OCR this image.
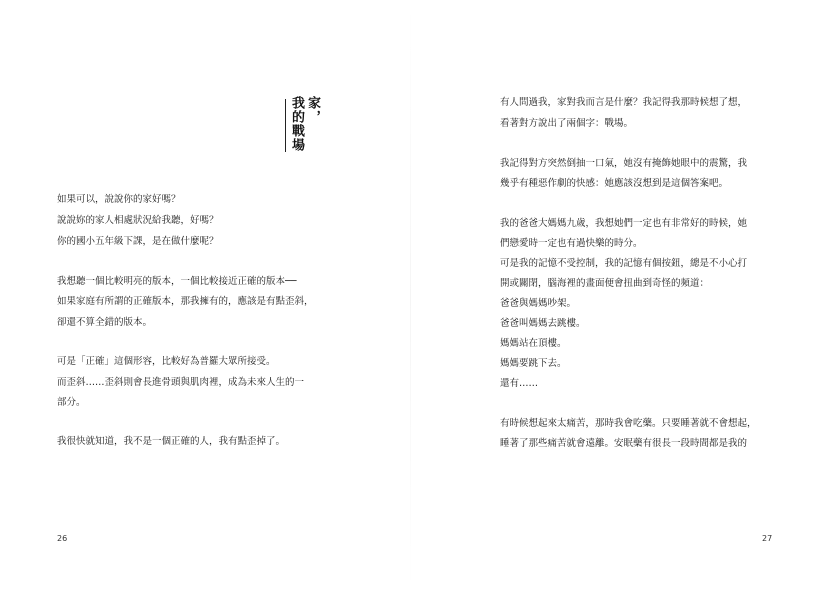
家，
我的戰場
如果可以，說說你的家好嗎？
說說妳的家人相處狀況給我聽，好嗎？
你的國小五年級下課，是在做什麼呢？
我想聽一個比較明亮的版本，一個比較接近正確的版本──
如果家庭有所謂的正確版本，那我擁有的，應該是有點歪斜，
卻還不算全錯的版本。
可是「正確」這個形容，比較好為普羅大眾所接受。
而歪斜……歪斜則會長進骨頭與肌肉裡，成為未來人生的一
部分。
我很快就知道，我不是一個正確的人，我有點歪掉了。
26
有人問過我，家對我而言是什麼？我記得我那時候想了想，
看著對方說出了兩個字：戰場。
我記得對方突然倒抽一口氣，她沒有掩飾她眼中的震驚，我
幾乎有種惡作劇的快感：她應該沒想到是這個答案吧。
我的爸爸大媽媽九歲，我想她們一定也有非常好的時候，她
們戀愛時一定也有過快樂的時分。
可是我的記憶不受控制，我的記憶有個按鈕，總是不小心打
開或關閉，腦海裡的畫面便會扭曲到奇怪的頻道：
爸爸與媽媽吵架。
爸爸叫媽媽去跳樓。
媽媽站在頂樓。
媽媽要跳下去。
還有……
有時候想起來太痛苦，那時我會吃藥。只要睡著就不會想起，
睡著了那些痛苦就會遠離。安眠藥有很長一段時間都是我的
27
